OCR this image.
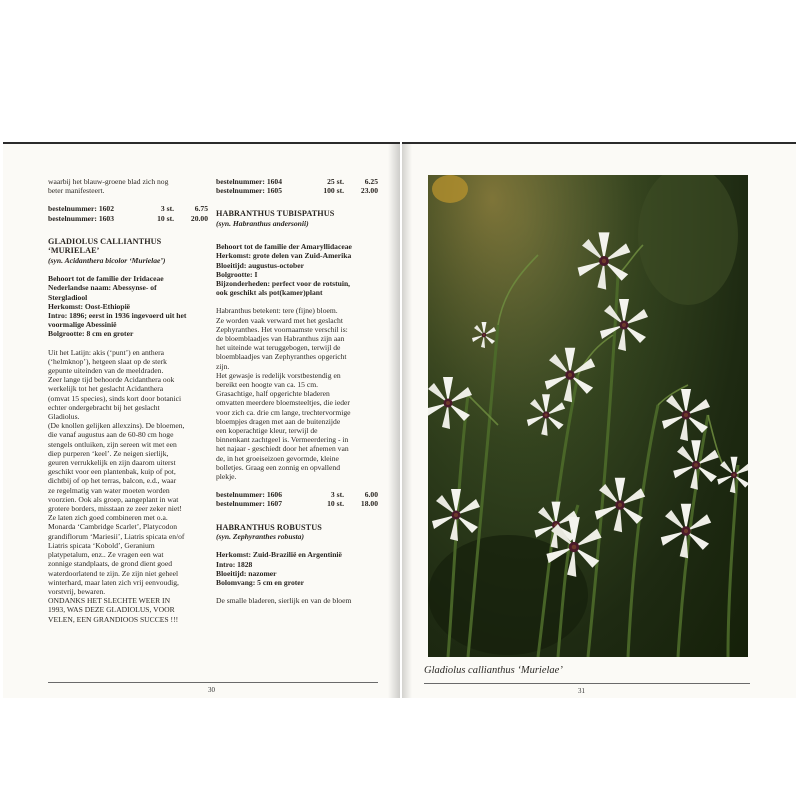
waarbij het blauw-groene blad zich nog
beter manifesteert.
bestelnummer: 1602	3 st.	6.75
bestelnummer: 1603	10 st.	20.00
GLADIOLUS CALLIANTHUS
‘MURIELAE’
(syn. Acidanthera bicolor ‘Murielae’)
Behoort tot de familie der Iridaceae
Nederlandse naam: Abessynse- of
Stergladiool
Herkomst: Oost-Ethiopië
Intro: 1896; eerst in 1936 ingevoerd uit het
voormalige Abessinië
Bolgrootte: 8 cm en groter
Uit het Latijn: akis (‘punt’) en anthera
(‘helmknop’), hetgeen slaat op de sterk
gepunte uiteinden van de meeldraden.
Zeer lange tijd behoorde Acidanthera ook
werkelijk tot het geslacht Acidanthera
(omvat 15 species), sinds kort door botanici
echter ondergebracht bij het geslacht
Gladiolus.
(De knollen gelijken allexzins). De bloemen,
die vanaf augustus aan de 60-80 cm hoge
stengels ontluiken, zijn sereen wit met een
diep purperen ‘keel’. Ze neigen sierlijk,
geuren verrukkelijk en zijn daarom uiterst
geschikt voor een plantenbak, kuip of pot,
dichtbij of op het terras, balcon, e.d., waar
ze regelmatig van water moeten worden
voorzien. Ook als groep, aangeplant in wat
grotere borders, misstaan ze zeer zeker niet!
Ze laten zich goed combineren met o.a.
Monarda ‘Cambridge Scarlet’, Platycodon
grandiflorum ‘Mariesii’, Liatris spicata en/of
Liatris spicata ‘Kobold’, Geranium
platypetalum, enz.. Ze vragen een wat
zonnige standplaats, de grond dient goed
waterdoorlatend te zijn. Ze zijn niet geheel
winterhard, maar laten zich vrij eenvoudig,
vorstvrij, bewaren.
ONDANKS HET SLECHTE WEER IN
1993, WAS DEZE GLADIOLUS, VOOR
VELEN, EEN GRANDIOOS SUCCES !!!
bestelnummer: 1604	25 st.	6.25
bestelnummer: 1605	100 st.	23.00
HABRANTHUS TUBISPATHUS
(syn. Habranthus andersonii)
Behoort tot de familie der Amaryllidaceae
Herkomst: grote delen van Zuid-Amerika
Bloeitijd: augustus-october
Bolgrootte: I
Bijzonderheden: perfect voor de rotstuin,
ook geschikt als pot(kamer)plant
Habranthus betekent: tere (fijne) bloem.
Ze worden vaak verward met het geslacht
Zephyranthes. Het voornaamste verschil is:
de bloemblaadjes van Habranthus zijn aan
het uiteinde wat teruggebogen, terwijl de
bloemblaadjes van Zephyranthes opgericht
zijn.
Het gewasje is redelijk vorstbestendig en
bereikt een hoogte van ca. 15 cm.
Grasachtige, half opgerichte bladeren
omvatten meerdere bloemsteeltjes, die ieder
voor zich ca. drie cm lange, trechtervormige
bloempjes dragen met aan de buitenzijde
een koperachtige kleur, terwijl de
binnenkant zachtgeel is. Vermeerdering - in
het najaar - geschiedt door het afnemen van
de, in het groeiseizoen gevormde, kleine
bolletjes. Graag een zonnig en opvallend
plekje.
bestelnummer: 1606	3 st.	6.00
bestelnummer: 1607	10 st.	18.00
HABRANTHUS ROBUSTUS
(syn. Zephyranthes robusta)
Herkomst: Zuid-Brazilië en Argentinië
Intro: 1828
Bloeitijd: nazomer
Bolomvang: 5 cm en groter
De smalle bladeren, sierlijk en van de bloem
30
Gladiolus callianthus ‘Murielae’
31
